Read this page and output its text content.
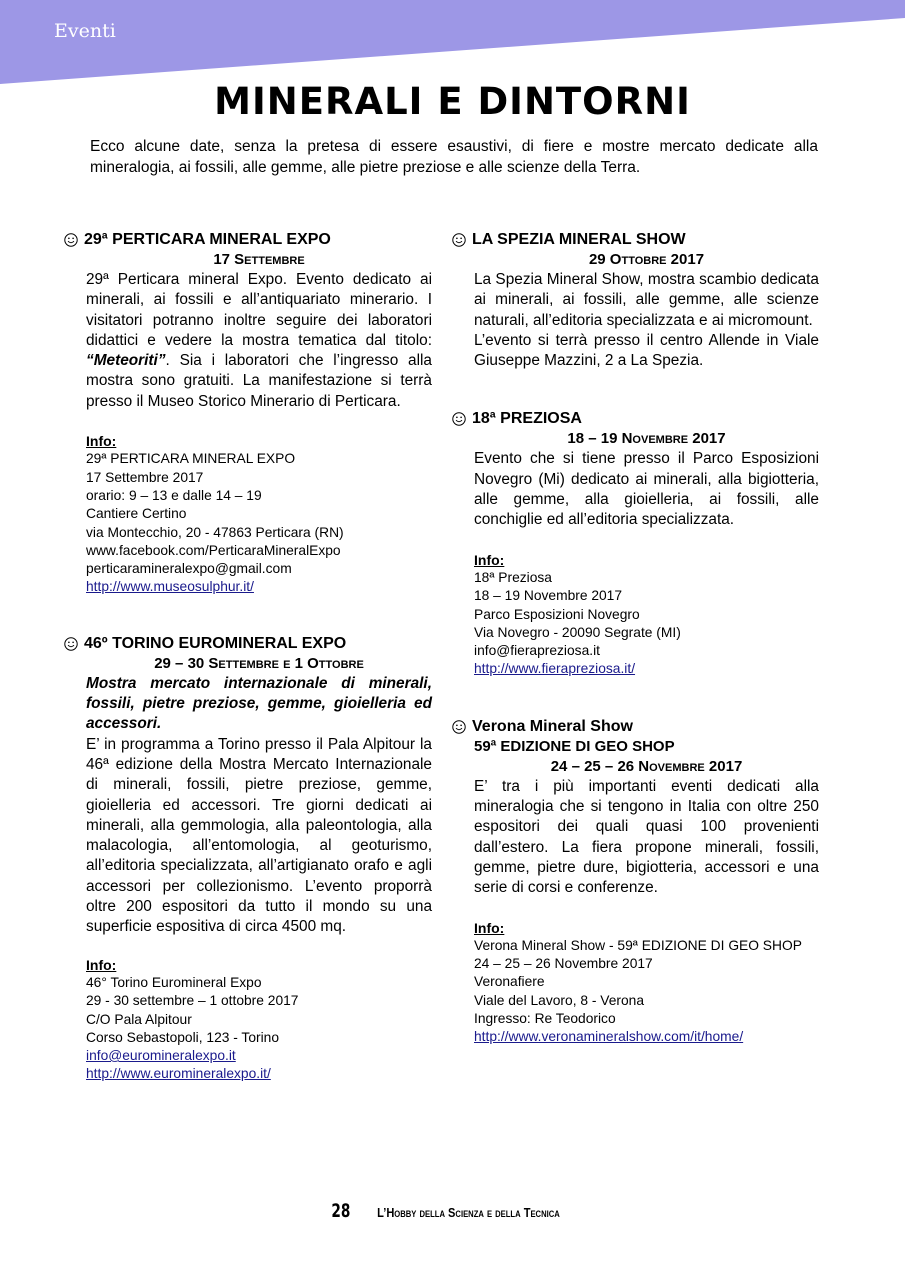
Eventi
MINERALI E DINTORNI
Ecco alcune date, senza la pretesa di essere esaustivi, di fiere e mostre mercato dedicate alla mineralogia, ai fossili, alle gemme, alle pietre preziose e alle scienze della Terra.
29ª PERTICARA MINERAL EXPO
17 Settembre
29ª Perticara mineral Expo. Evento dedicato ai minerali, ai fossili e all’antiquariato minerario. I visitatori potranno inoltre seguire dei laboratori didattici e vedere la mostra tematica dal titolo: “Meteoriti”. Sia i laboratori che l’ingresso alla mostra sono gratuiti. La manifestazione si terrà presso il Museo Storico Minerario di Perticara.
Info:
29ª PERTICARA MINERAL EXPO
17 Settembre 2017
orario: 9 – 13 e dalle 14 – 19
Cantiere Certino
via Montecchio, 20 - 47863 Perticara (RN)
www.facebook.com/PerticaraMineralExpo
perticaramineralexpo@gmail.com
http://www.museosulphur.it/
46º TORINO EUROMINERAL EXPO
29 – 30 Settembre e 1 Ottobre
Mostra mercato internazionale di minerali, fossili, pietre preziose, gemme, gioielleria ed accessori.
E’ in programma a Torino presso il Pala Alpitour la 46ª edizione della Mostra Mercato Internazionale di minerali, fossili, pietre preziose, gemme, gioielleria ed accessori. Tre giorni dedicati ai minerali, alla gemmologia, alla paleontologia, alla malacologia, all’entomologia, al geoturismo, all’editoria specializzata, all’artigianato orafo e agli accessori per collezionismo. L’evento proporrà oltre 200 espositori da tutto il mondo su una superficie espositiva di circa 4500 mq.
Info:
46° Torino Euromineral Expo
29 - 30 settembre – 1 ottobre 2017
C/O Pala Alpitour
Corso Sebastopoli, 123 - Torino
info@euromineralexpo.it
http://www.euromineralexpo.it/
LA SPEZIA MINERAL SHOW
29 Ottobre 2017
La Spezia Mineral Show, mostra scambio dedicata ai minerali, ai fossili, alle gemme, alle scienze naturali, all’editoria specializzata e ai micromount.
L’evento si terrà presso il centro Allende in Viale Giuseppe Mazzini, 2 a La Spezia.
18ª PREZIOSA
18 – 19 Novembre 2017
Evento che si tiene presso il Parco Esposizioni Novegro (Mi) dedicato ai minerali, alla bigiotteria, alle gemme, alla gioielleria, ai fossili, alle conchiglie ed all’editoria specializzata.
Info:
18ª Preziosa
18 – 19 Novembre 2017
Parco Esposizioni Novegro
Via Novegro - 20090 Segrate (MI)
info@fierapreziosa.it
http://www.fierapreziosa.it/
Verona Mineral Show
59ª EDIZIONE DI GEO SHOP
24 – 25 – 26 Novembre 2017
E’ tra i più importanti eventi dedicati alla mineralogia che si tengono in Italia con oltre 250 espositori dei quali quasi 100 provenienti dall’estero. La fiera propone minerali, fossili, gemme, pietre dure, bigiotteria, accessori e una serie di corsi e conferenze.
Info:
Verona Mineral Show - 59ª EDIZIONE DI GEO SHOP
24 – 25 – 26 Novembre 2017
Veronafiere
Viale del Lavoro, 8 - Verona
Ingresso: Re Teodorico
http://www.veronamineralshow.com/it/home/
28 L’Hobby della Scienza e della Tecnica
